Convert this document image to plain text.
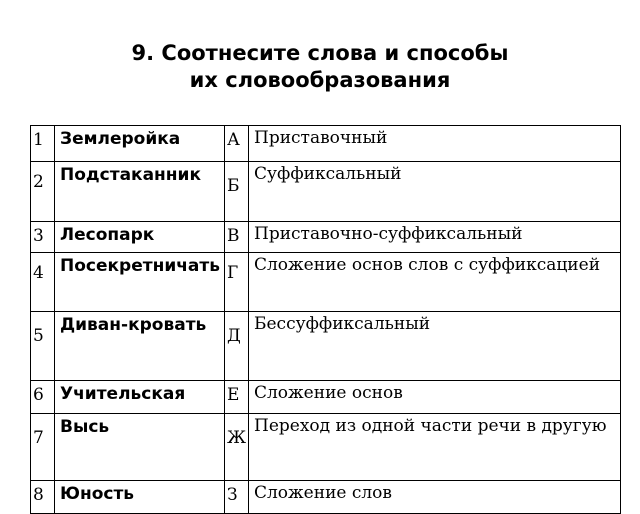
9. Соотнесите слова и способы
их словообразования
1	Землеройка	А	Приставочный
2	Подстаканник	Б	Суффиксальный
3	Лесопарк	В	Приставочно-суффиксальный
4	Посекретничать	Г	Сложение основ слов с суффиксацией
5	Диван-кровать	Д	Бессуффиксальный
6	Учительская	Е	Сложение основ
7	Высь	Ж	Переход из одной части речи в другую
8	Юность	З	Сложение слов
